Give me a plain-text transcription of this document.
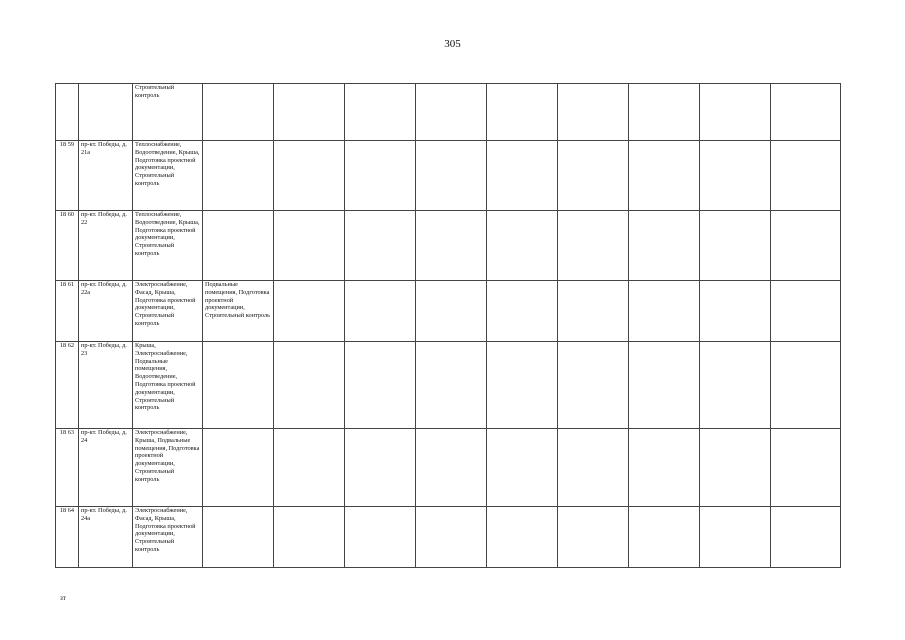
305
		Строительный контроль									
18 59	пр-кт. Победы, д. 21а	Теплоснабжение, Водоотведение, Крыша, Подготовка проектной документации, Строительный контроль									
18 60	пр-кт. Победы, д. 22	Теплоснабжение, Водоотведение, Крыша, Подготовка проектной документации, Строительный контроль									
18 61	пр-кт. Победы, д. 22а	Электроснабжение, Фасад, Крыша, Подготовка проектной документации, Строительный контроль	Подвальные помещения, Подготовка проектной документации, Строительный контроль								
18 62	пр-кт. Победы, д. 23	Крыша, Электроснабжение, Подвальные помещения, Водоотведение, Подготовка проектной документации, Строительный контроль									
18 63	пр-кт. Победы, д. 24	Электроснабжение, Крыша, Подвальные помещения, Подготовка проектной документации, Строительный контроль									
18 64	пр-кт. Победы, д. 24а	Электроснабжение, Фасад, Крыша, Подготовка проектной документации, Строительный контроль									
зт
